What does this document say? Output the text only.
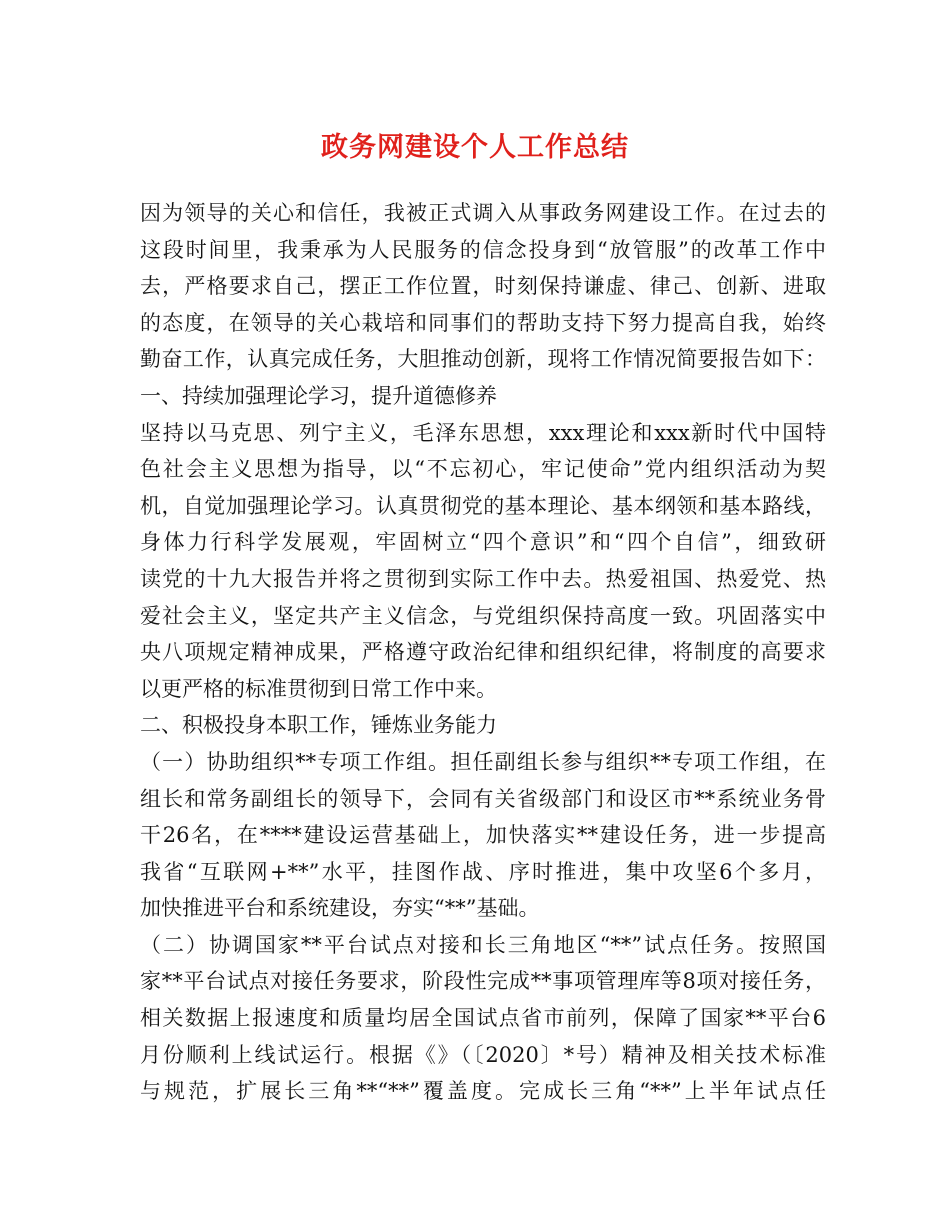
政务网建设个人工作总结
因为领导的关心和信任，我被正式调入从事政务网建设工作。在过去的
这段时间里，我秉承为人民服务的信念投身到“放管服”的改革工作中
去，严格要求自己，摆正工作位置，时刻保持谦虚、律己、创新、进取
的态度，在领导的关心栽培和同事们的帮助支持下努力提高自我，始终
勤奋工作，认真完成任务，大胆推动创新，现将工作情况简要报告如下：
一、持续加强理论学习，提升道德修养
坚持以马克思、列宁主义，毛泽东思想，xxx理论和xxx新时代中国特
色社会主义思想为指导，以“不忘初心，牢记使命”党内组织活动为契
机，自觉加强理论学习。认真贯彻党的基本理论、基本纲领和基本路线，
身体力行科学发展观，牢固树立“四个意识”和“四个自信”，细致研
读党的十九大报告并将之贯彻到实际工作中去。热爱祖国、热爱党、热
爱社会主义，坚定共产主义信念，与党组织保持高度一致。巩固落实中
央八项规定精神成果，严格遵守政治纪律和组织纪律，将制度的高要求
以更严格的标准贯彻到日常工作中来。
二、积极投身本职工作，锤炼业务能力
（一）协助组织**专项工作组。担任副组长参与组织**专项工作组，在
组长和常务副组长的领导下，会同有关省级部门和设区市**系统业务骨
干26名，在****建设运营基础上，加快落实**建设任务，进一步提高
我省“互联网+**”水平，挂图作战、序时推进，集中攻坚6个多月，
加快推进平台和系统建设，夯实“**”基础。
（二）协调国家**平台试点对接和长三角地区“**”试点任务。按照国
家**平台试点对接任务要求，阶段性完成**事项管理库等8项对接任务，
相关数据上报速度和质量均居全国试点省市前列，保障了国家**平台6
月份顺利上线试运行。根据《》（〔2020〕*号）精神及相关技术标准
与规范，扩展长三角**“**”覆盖度。完成长三角“**”上半年试点任
